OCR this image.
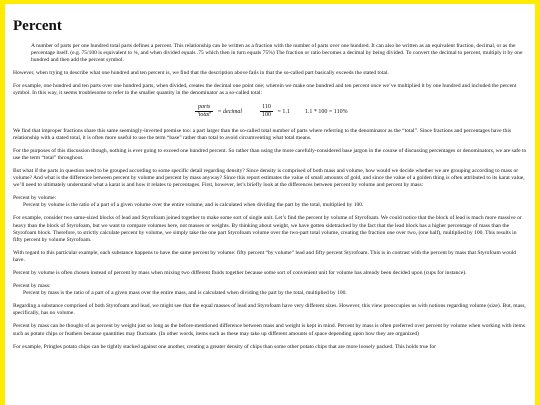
Percent

A number of parts per one hundred total parts defines a percent. This relationship can be written as a fraction with the number of parts over one hundred. It can also be written as an equivalent fraction, decimal, or as the percentage itself. (e.g. 75/100 is equivalent to ¾, and when divided equals .75 which then in turn equals 75%) The fraction or ratio becomes a decimal by being divided. To convert the decimal to percent, multiply it by one hundred and then add the percent symbol.

However, when trying to describe what one hundred and ten percent is, we find that the description above fails in that the so-called part basically exceeds the stated total.

For example, one hundred and ten parts over one hundred parts, when divided, creates the decimal one point one; wherein we make one hundred and ten percent once we’ve multiplied it by one hundred and included the percent symbol. In this way, it seems troublesome to refer to the smaller quantity in the denominator as a so-called total:

$\frac{\text{parts}}{\text{'total'}}$ = decimal	$\frac{110}{100} = 1.1$	1.1 * 100 = 110%

We find that improper fractions share this same seemingly-inverted premise too: a part larger than the so-called total number of parts where referring to the denominator as the “total”. Since fractions and percentages have this relationship with a stated total, it is often more useful to use the term “base” rather than total to avoid circumventing what total means.

For the purposes of this discussion though, nothing is ever going to exceed one hundred percent. So rather than using the more carefully-considered base jargon in the course of discussing percentages or denominators, we are safe to use the term “total” throughout.

But what if the parts in question need to be grouped according to some specific detail regarding density? Since density is comprised of both mass and volume, how would we decide whether we are grouping according to mass or volume? And what is the difference between percent by volume and percent by mass anyway? Since this report estimates the value of small amounts of gold, and since the value of a golden thing is often attributed to its karat value, we’ll need to ultimately understand what a karat is and how it relates to percentages. First, however, let’s briefly look at the differences between percent by volume and percent by mass:

Percent by volume:

Percent by volume is the ratio of a part of a given volume over the entire volume, and is calculated when dividing the part by the total, multiplied by 100.

For example, consider two same-sized blocks of lead and Styrofoam joined together to make some sort of single unit. Let’s find the percent by volume of Styrofoam. We could notice that the block of lead is much more massive or heavy than the block of Styrofoam, but we want to compare volumes here, not masses or weights. By thinking about weight, we have gotten sidetracked by the fact that the lead block has a higher percentage of mass than the Styrofoam block. Therefore, to strictly calculate percent by volume, we simply take the one part Styrofoam volume over the two-part total volume, creating the fraction one over two, (one half), multiplied by 100. This results in fifty percent by volume Styrofoam.

With regard to this particular example, each substance happens to have the same percent by volume: fifty percent “by volume” lead and fifty percent Styrofoam. This is in contrast with the percent by mass that Styrofoam would have.

Percent by volume is often chosen instead of percent by mass when mixing two different fluids together because some sort of convenient unit for volume has already been decided upon (cups for instance).

Percent by mass:

Percent by mass is the ratio of a part of a given mass over the entire mass, and is calculated when dividing the part by the total, multiplied by 100.

Regarding a substance comprised of both Styrofoam and lead, we might see that the equal masses of lead and Styrofoam have very different sizes. However, this view preoccupies us with notions regarding volume (size). But, mass, specifically, has no volume.

Percent by mass can be thought of as percent by weight just so long as the before-mentioned difference between mass and weight is kept in mind. Percent by mass is often preferred over percent by volume when working with items such as potato chips or feathers because quantities may fluctuate. (In other words, items such as these may take up different amounts of space depending upon how they are organized)

For example, Pringles potato chips can be tightly stacked against one another, creating a greater density of chips than some other potato chips that are more loosely packed. This holds true for
